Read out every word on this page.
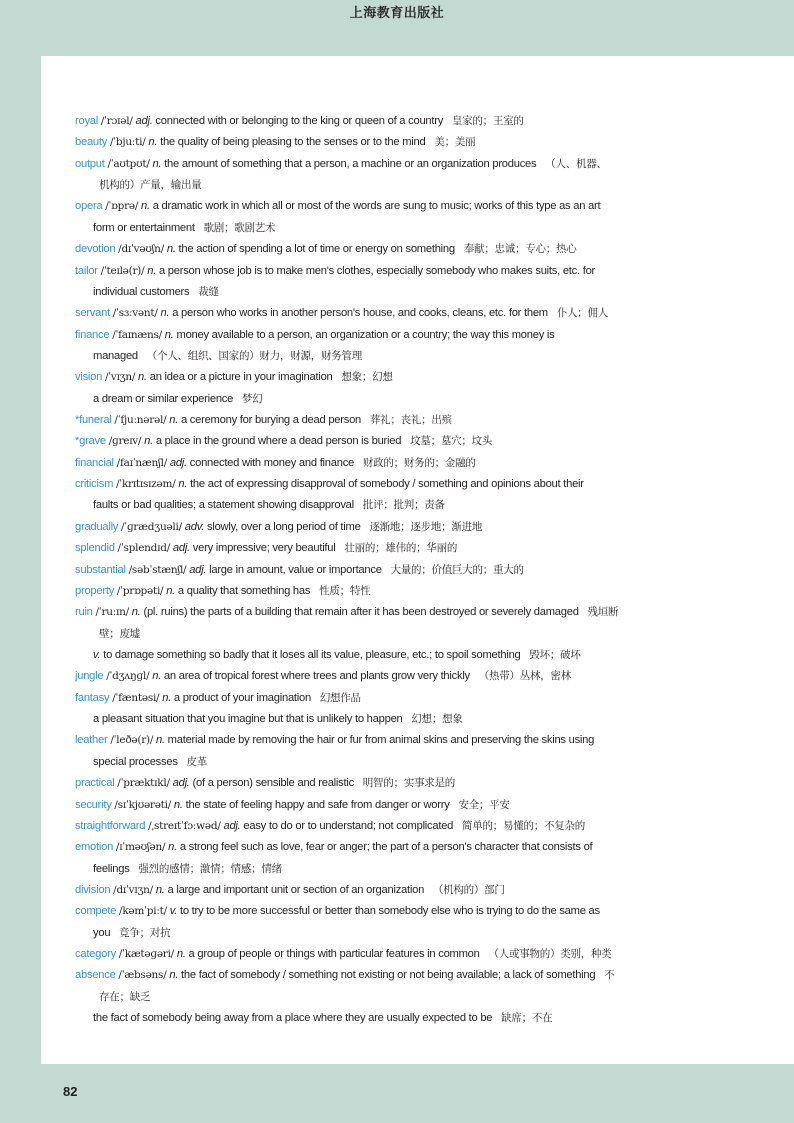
上海教育出版社
royal /ˈrɔɪəl/ adj. connected with or belonging to the king or queen of a country 皇家的；王室的
beauty /ˈbjuːti/ n. the quality of being pleasing to the senses or to the mind 美；美丽
output /ˈaʊtpʊt/ n. the amount of something that a person, a machine or an organization produces （人、机器、
机构的）产量，输出量
opera /ˈɒprə/ n. a dramatic work in which all or most of the words are sung to music; works of this type as an art
form or entertainment 歌剧；歌剧艺术
devotion /dɪˈvəʊʃn/ n. the action of spending a lot of time or energy on something 奉献；忠诚；专心；热心
tailor /ˈteɪlə(r)/ n. a person whose job is to make men's clothes, especially somebody who makes suits, etc. for
individual customers 裁缝
servant /ˈsɜːvənt/ n. a person who works in another person's house, and cooks, cleans, etc. for them 仆人；佣人
finance /ˈfaɪnæns/ n. money available to a person, an organization or a country; the way this money is
managed （个人、组织、国家的）财力，财源，财务管理
vision /ˈvɪʒn/ n. an idea or a picture in your imagination 想象；幻想
a dream or similar experience 梦幻
*funeral /ˈfjuːnərəl/ n. a ceremony for burying a dead person 葬礼；丧礼；出殡
*grave /ɡreɪv/ n. a place in the ground where a dead person is buried 坟墓；墓穴；坟头
financial /faɪˈnænʃl/ adj. connected with money and finance 财政的；财务的；金融的
criticism /ˈkrɪtɪsɪzəm/ n. the act of expressing disapproval of somebody / something and opinions about their
faults or bad qualities; a statement showing disapproval 批评；批判；责备
gradually /ˈɡrædʒuəli/ adv. slowly, over a long period of time 逐渐地；逐步地；渐进地
splendid /ˈsplendɪd/ adj. very impressive; very beautiful 壮丽的；雄伟的；华丽的
substantial /səbˈstænʃl/ adj. large in amount, value or importance 大量的；价值巨大的；重大的
property /ˈprɒpəti/ n. a quality that something has 性质；特性
ruin /ˈruːɪn/ n. (pl. ruins) the parts of a building that remain after it has been destroyed or severely damaged 残垣断
壁；废墟
v. to damage something so badly that it loses all its value, pleasure, etc.; to spoil something 毁坏；破坏
jungle /ˈdʒʌŋɡl/ n. an area of tropical forest where trees and plants grow very thickly （热带）丛林，密林
fantasy /ˈfæntəsi/ n. a product of your imagination 幻想作品
a pleasant situation that you imagine but that is unlikely to happen 幻想；想象
leather /ˈleðə(r)/ n. material made by removing the hair or fur from animal skins and preserving the skins using
special processes 皮革
practical /ˈpræktɪkl/ adj. (of a person) sensible and realistic 明智的；实事求是的
security /sɪˈkjʊərəti/ n. the state of feeling happy and safe from danger or worry 安全；平安
straightforward /ˌstreɪtˈfɔːwəd/ adj. easy to do or to understand; not complicated 简单的；易懂的；不复杂的
emotion /ɪˈməʊʃən/ n. a strong feel such as love, fear or anger; the part of a person's character that consists of
feelings 强烈的感情；激情；情感；情绪
division /dɪˈvɪʒn/ n. a large and important unit or section of an organization （机构的）部门
compete /kəmˈpiːt/ v. to try to be more successful or better than somebody else who is trying to do the same as
you 竞争；对抗
category /ˈkætəɡəri/ n. a group of people or things with particular features in common （人或事物的）类别，种类
absence /ˈæbsəns/ n. the fact of somebody / something not existing or not being available; a lack of something 不
存在；缺乏
the fact of somebody being away from a place where they are usually expected to be 缺席；不在
82
